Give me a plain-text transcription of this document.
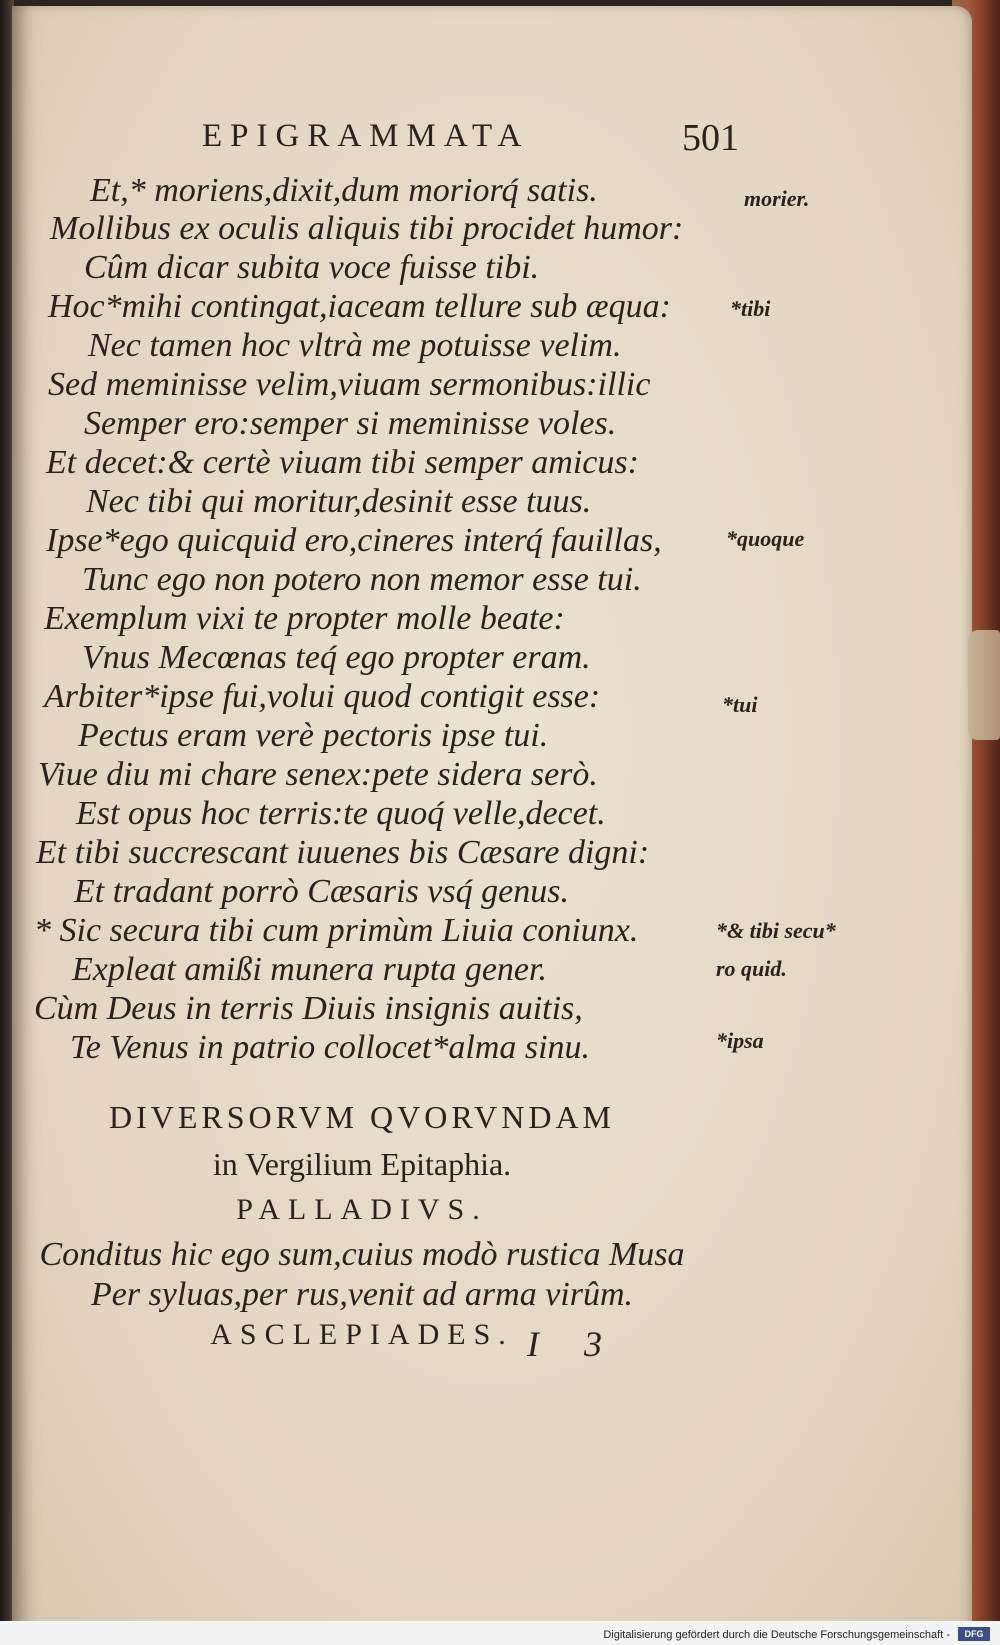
EPIGRAMMATA	501
Et,* moriens,dixit,dum moriorq́ satis.
Mollibus ex oculis aliquis tibi procidet humor:
Cûm dicar subita voce fuisse tibi.
Hoc*mihi contingat,iaceam tellure sub æqua:
Nec tamen hoc vltrà me potuisse velim.
Sed meminisse velim,viuam sermonibus:illic
Semper ero:semper si meminisse voles.
Et decet:& certè viuam tibi semper amicus:
Nec tibi qui moritur,desinit esse tuus.
Ipse*ego quicquid ero,cineres interq́ fauillas,
Tunc ego non potero non memor esse tui.
Exemplum vixi te propter molle beate:
Vnus Mecœnas teq́ ego propter eram.
Arbiter*ipse fui,volui quod contigit esse:
Pectus eram verè pectoris ipse tui.
Viue diu mi chare senex:pete sidera serò.
Est opus hoc terris:te quoq́ velle,decet.
Et tibi succrescant iuuenes bis Cæsare digni:
Et tradant porrò Cæsaris vsq́ genus.
* Sic secura tibi cum primùm Liuia coniunx.
Expleat amißi munera rupta gener.
Cùm Deus in terris Diuis insignis auitis,
Te Venus in patrio collocet*alma sinu.
morier.
*tibi
*quoque
*tui
*& tibi secu*
ro quid.
*ipsa
DIVERSORVM QVORVNDAM
in Vergilium Epitaphia.
PALLADIVS.
Conditus hic ego sum,cuius modò rustica Musa
Per syluas,per rus,venit ad arma virûm.
ASCLEPIADES. I 3
Digitalisierung gefördert durch die Deutsche Forschungsgemeinschaft -	DFG
